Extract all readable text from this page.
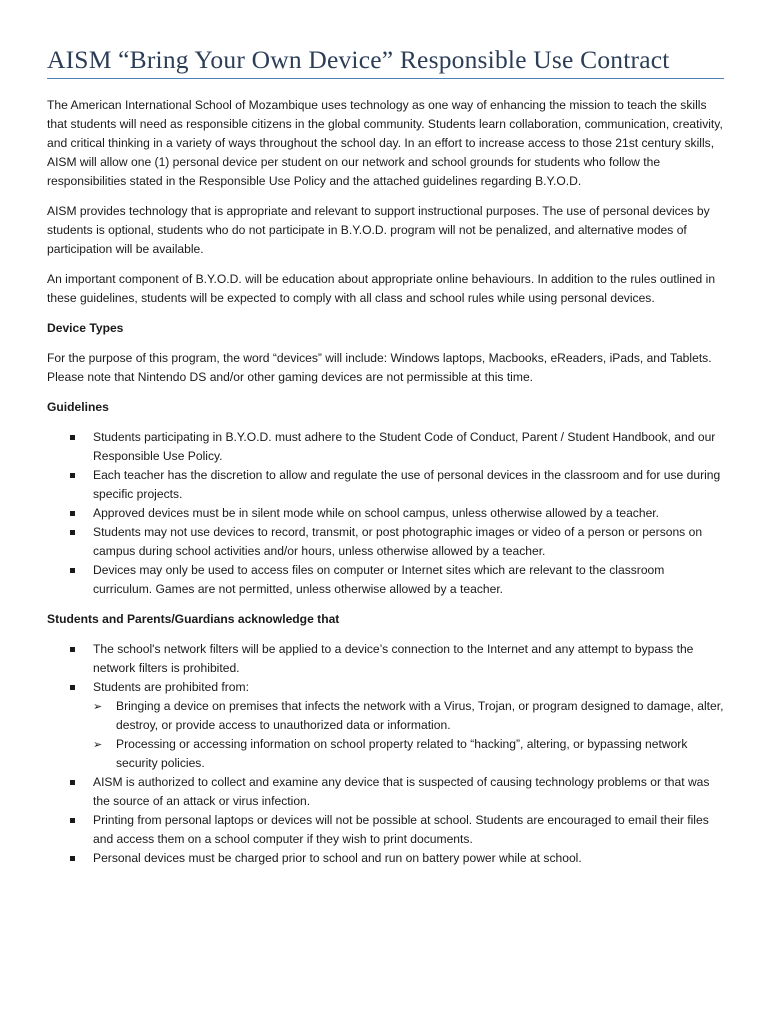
AISM “Bring Your Own Device” Responsible Use Contract

The American International School of Mozambique uses technology as one way of enhancing the mission to teach the skills that students will need as responsible citizens in the global community. Students learn collaboration, communication, creativity, and critical thinking in a variety of ways throughout the school day. In an effort to increase access to those 21st century skills, AISM will allow one (1) personal device per student on our network and school grounds for students who follow the responsibilities stated in the Responsible Use Policy and the attached guidelines regarding B.Y.O.D.

AISM provides technology that is appropriate and relevant to support instructional purposes. The use of personal devices by students is optional, students who do not participate in B.Y.O.D. program will not be penalized, and alternative modes of participation will be available.

An important component of B.Y.O.D. will be education about appropriate online behaviours. In addition to the rules outlined in these guidelines, students will be expected to comply with all class and school rules while using personal devices.

Device Types

For the purpose of this program, the word “devices” will include: Windows laptops, Macbooks, eReaders, iPads, and Tablets. Please note that Nintendo DS and/or other gaming devices are not permissible at this time.

Guidelines

Students participating in B.Y.O.D. must adhere to the Student Code of Conduct, Parent / Student Handbook, and our Responsible Use Policy.
Each teacher has the discretion to allow and regulate the use of personal devices in the classroom and for use during specific projects.
Approved devices must be in silent mode while on school campus, unless otherwise allowed by a teacher.
Students may not use devices to record, transmit, or post photographic images or video of a person or persons on campus during school activities and/or hours, unless otherwise allowed by a teacher.
Devices may only be used to access files on computer or Internet sites which are relevant to the classroom curriculum. Games are not permitted, unless otherwise allowed by a teacher.

Students and Parents/Guardians acknowledge that

The school's network filters will be applied to a device’s connection to the Internet and any attempt to bypass the network filters is prohibited.
Students are prohibited from:
➢ Bringing a device on premises that infects the network with a Virus, Trojan, or program designed to damage, alter, destroy, or provide access to unauthorized data or information.
➢ Processing or accessing information on school property related to “hacking”, altering, or bypassing network security policies.
AISM is authorized to collect and examine any device that is suspected of causing technology problems or that was the source of an attack or virus infection.
Printing from personal laptops or devices will not be possible at school. Students are encouraged to email their files and access them on a school computer if they wish to print documents.
Personal devices must be charged prior to school and run on battery power while at school.
